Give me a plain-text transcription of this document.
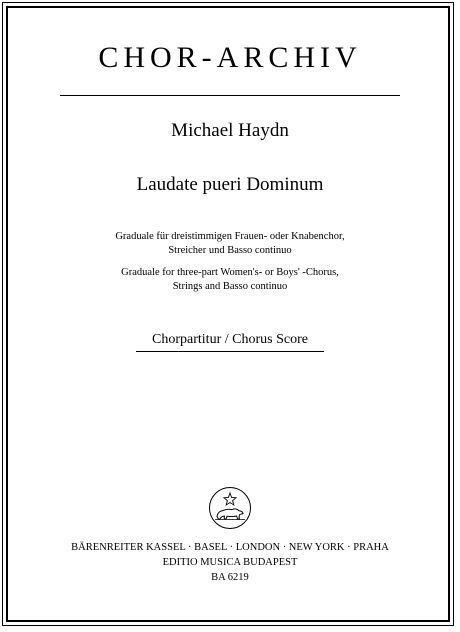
CHOR-ARCHIV
Michael Haydn
Laudate pueri Dominum
Graduale für dreistimmigen Frauen- oder Knabenchor,
Streicher und Basso continuo
Graduale for three-part Women's- or Boys' -Chorus,
Strings and Basso continuo
Chorpartitur / Chorus Score
BÄRENREITER KASSEL · BASEL · LONDON · NEW YORK · PRAHA
EDITIO MUSICA BUDAPEST
BA 6219
